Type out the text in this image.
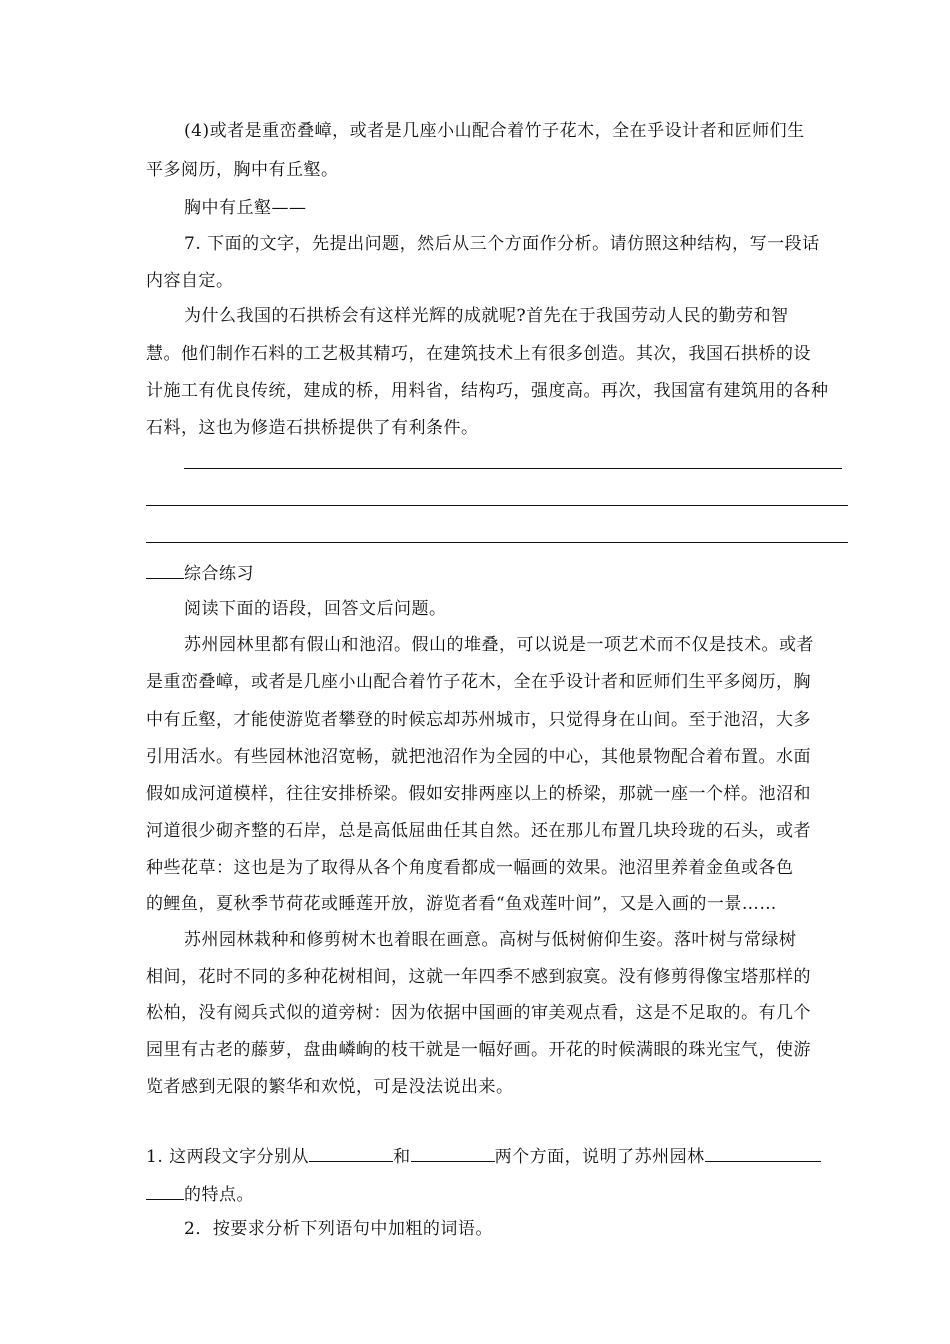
(4)或者是重峦叠嶂，或者是几座小山配合着竹子花木，全在乎设计者和匠师们生
平多阅历，胸中有丘壑。
胸中有丘壑——
7. 下面的文字，先提出问题，然后从三个方面作分析。请仿照这种结构，写一段话
内容自定。
为什么我国的石拱桥会有这样光辉的成就呢?首先在于我国劳动人民的勤劳和智
慧。他们制作石料的工艺极其精巧，在建筑技术上有很多创造。其次，我国石拱桥的设
计施工有优良传统，建成的桥，用料省，结构巧，强度高。再次，我国富有建筑用的各种
石料，这也为修造石拱桥提供了有利条件。
综合练习
阅读下面的语段，回答文后问题。
苏州园林里都有假山和池沼。假山的堆叠，可以说是一项艺术而不仅是技术。或者
是重峦叠嶂，或者是几座小山配合着竹子花木，全在乎设计者和匠师们生平多阅历，胸
中有丘壑，才能使游览者攀登的时候忘却苏州城市，只觉得身在山间。至于池沼，大多
引用活水。有些园林池沼宽畅，就把池沼作为全园的中心，其他景物配合着布置。水面
假如成河道模样，往往安排桥梁。假如安排两座以上的桥梁，那就一座一个样。池沼和
河道很少砌齐整的石岸，总是高低屈曲任其自然。还在那儿布置几块玲珑的石头，或者
种些花草：这也是为了取得从各个角度看都成一幅画的效果。池沼里养着金鱼或各色
的鲤鱼，夏秋季节荷花或睡莲开放，游览者看“鱼戏莲叶间”，又是入画的一景……
苏州园林栽种和修剪树木也着眼在画意。高树与低树俯仰生姿。落叶树与常绿树
相间，花时不同的多种花树相间，这就一年四季不感到寂寞。没有修剪得像宝塔那样的
松柏，没有阅兵式似的道旁树：因为依据中国画的审美观点看，这是不足取的。有几个
园里有古老的藤萝，盘曲嶙峋的枝干就是一幅好画。开花的时候满眼的珠光宝气，使游
览者感到无限的繁华和欢悦，可是没法说出来。
1. 这两段文字分别从	和	两个方面，说明了苏州园林
的特点。
2．按要求分析下列语句中加粗的词语。
